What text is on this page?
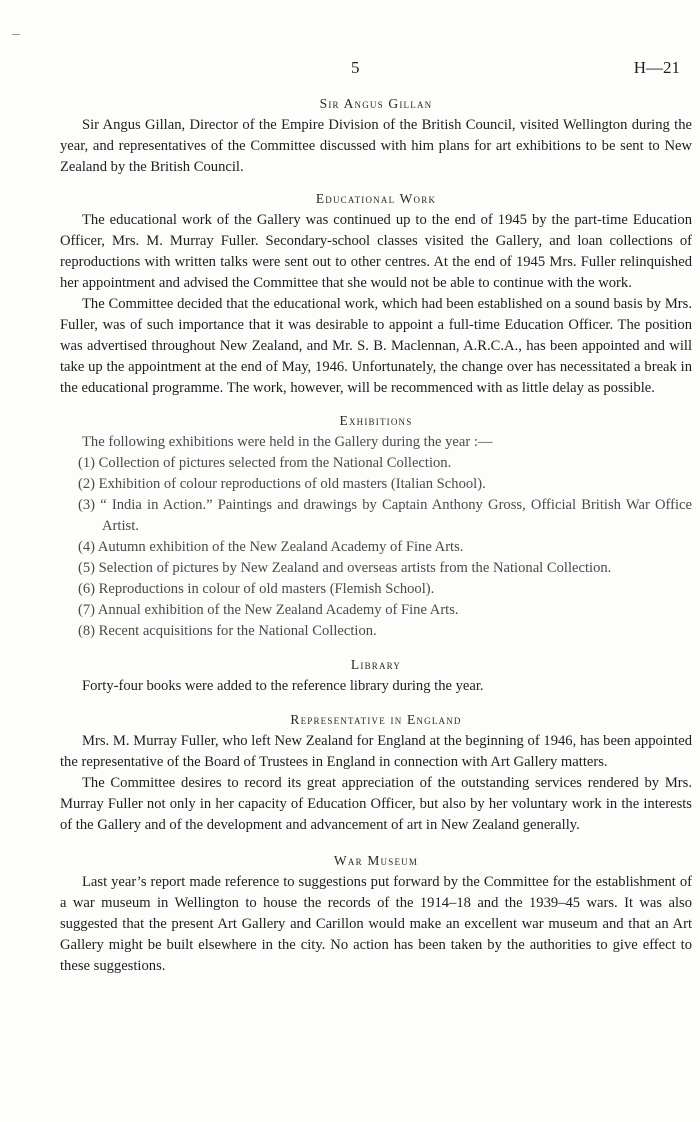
5	H—21
Sir Angus Gillan

Sir Angus Gillan, Director of the Empire Division of the British Council, visited Wellington during the year, and representatives of the Committee discussed with him plans for art exhibitions to be sent to New Zealand by the British Council.

Educational Work

The educational work of the Gallery was continued up to the end of 1945 by the part-time Education Officer, Mrs. M. Murray Fuller. Secondary-school classes visited the Gallery, and loan collections of reproductions with written talks were sent out to other centres. At the end of 1945 Mrs. Fuller relinquished her appointment and advised the Committee that she would not be able to continue with the work.

The Committee decided that the educational work, which had been established on a sound basis by Mrs. Fuller, was of such importance that it was desirable to appoint a full-time Education Officer. The position was advertised throughout New Zealand, and Mr. S. B. Maclennan, A.R.C.A., has been appointed and will take up the appointment at the end of May, 1946. Unfortunately, the change over has necessitated a break in the educational programme. The work, however, will be recommenced with as little delay as possible.

Exhibitions

The following exhibitions were held in the Gallery during the year :—

(1) Collection of pictures selected from the National Collection.
(2) Exhibition of colour reproductions of old masters (Italian School).
(3) “ India in Action.” Paintings and drawings by Captain Anthony Gross, Official British War Office Artist.
(4) Autumn exhibition of the New Zealand Academy of Fine Arts.
(5) Selection of pictures by New Zealand and overseas artists from the National Collection.
(6) Reproductions in colour of old masters (Flemish School).
(7) Annual exhibition of the New Zealand Academy of Fine Arts.
(8) Recent acquisitions for the National Collection.
Library

Forty-four books were added to the reference library during the year.

Representative in England

Mrs. M. Murray Fuller, who left New Zealand for England at the beginning of 1946, has been appointed the representative of the Board of Trustees in England in connection with Art Gallery matters.

The Committee desires to record its great appreciation of the outstanding services rendered by Mrs. Murray Fuller not only in her capacity of Education Officer, but also by her voluntary work in the interests of the Gallery and of the development and advancement of art in New Zealand generally.

War Museum

Last year’s report made reference to suggestions put forward by the Committee for the establishment of a war museum in Wellington to house the records of the 1914–18 and the 1939–45 wars. It was also suggested that the present Art Gallery and Carillon would make an excellent war museum and that an Art Gallery might be built elsewhere in the city. No action has been taken by the authorities to give effect to these suggestions.
